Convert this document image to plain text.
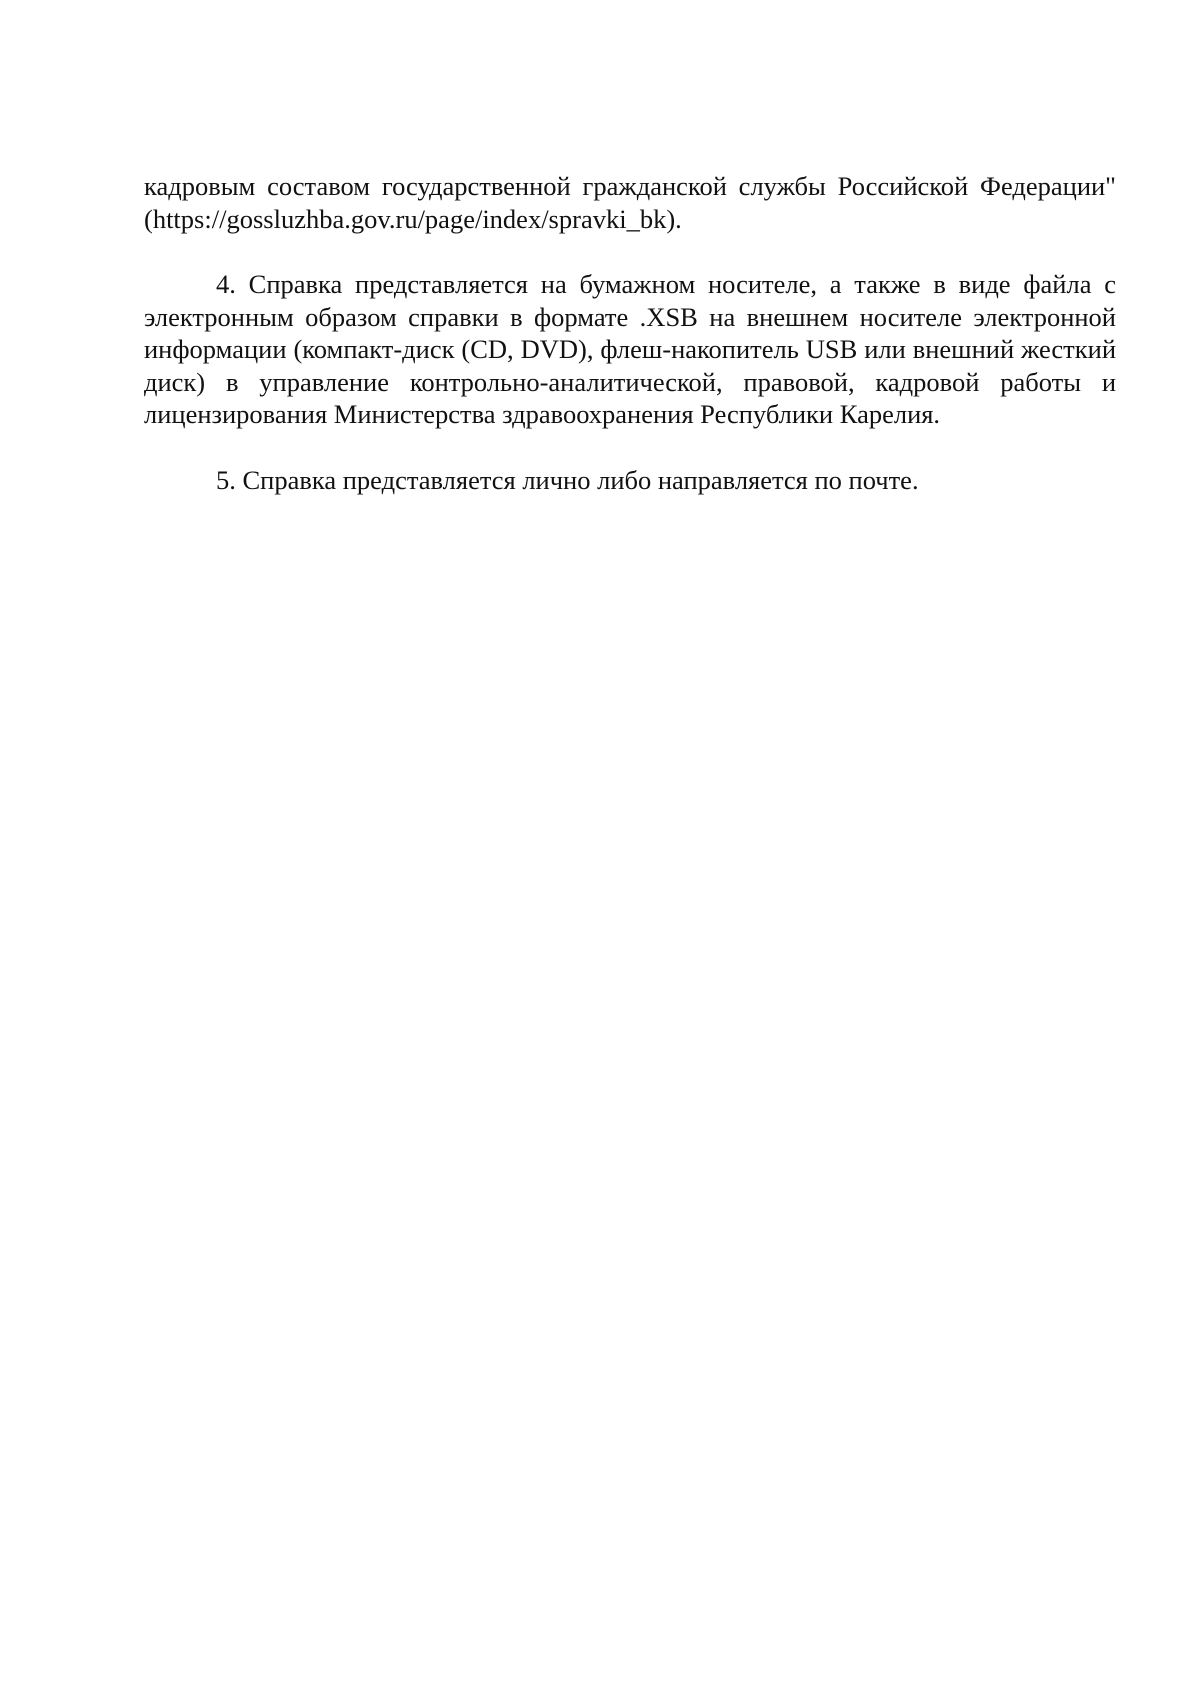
кадровым составом государственной гражданской службы Российской Федерации" (https://gossluzhba.gov.ru/page/index/spravki_bk).

4. Справка представляется на бумажном носителе, а также в виде файла с электронным образом справки в формате .XSB на внешнем носителе электронной информации (компакт-диск (CD, DVD), флеш-накопитель USB или внешний жесткий диск) в управление контрольно-аналитической, правовой, кадровой работы и лицензирования Министерства здравоохранения Республики Карелия.

5. Справка представляется лично либо направляется по почте.
